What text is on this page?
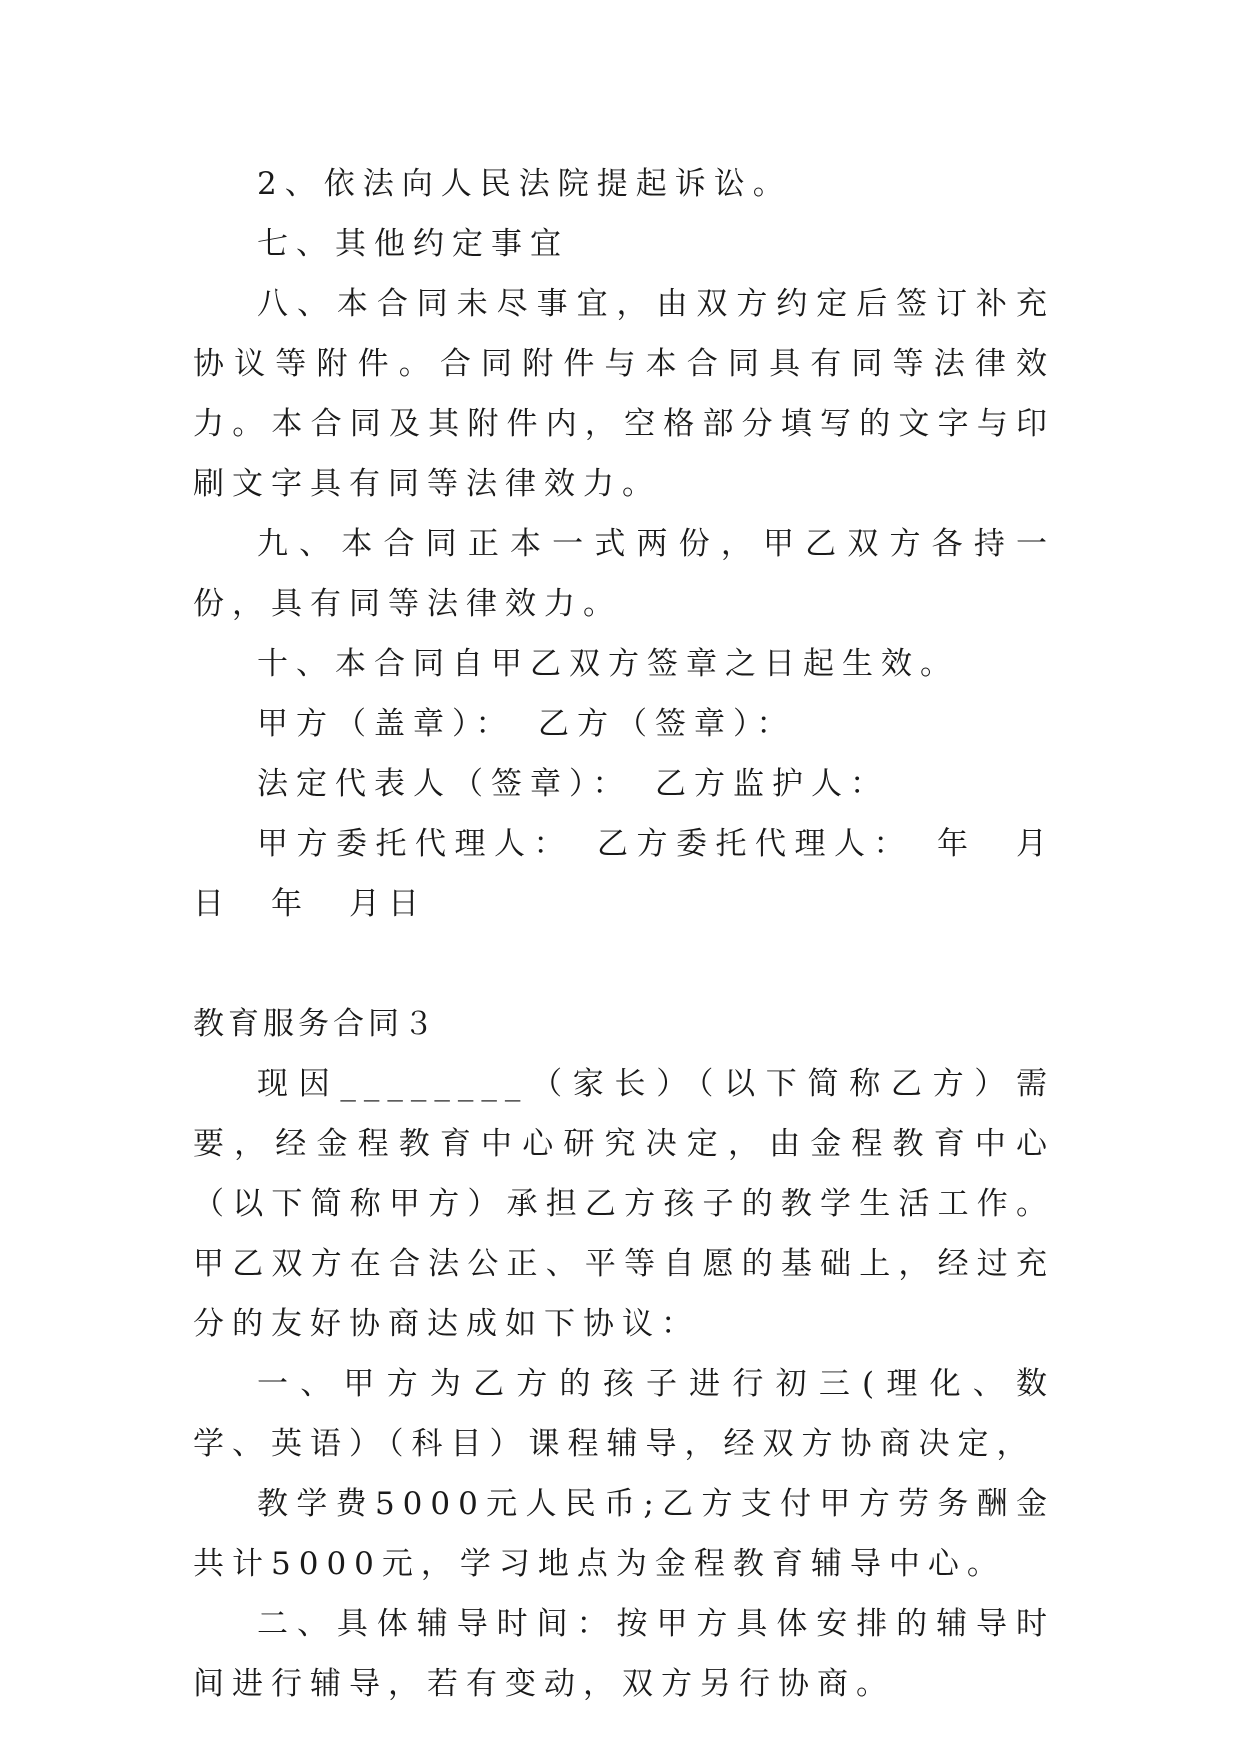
2、依法向人民法院提起诉讼。

七、其他约定事宜

八、本合同未尽事宜，由双方约定后签订补充协议等附件。合同附件与本合同具有同等法律效力。本合同及其附件内，空格部分填写的文字与印刷文字具有同等法律效力。

九、本合同正本一式两份，甲乙双方各持一份，具有同等法律效力。

十、本合同自甲乙双方签章之日起生效。

甲方（盖章）：　乙方（签章）：

法定代表人（签章）：　乙方监护人：

甲方委托代理人：　乙方委托代理人：　年　月　日　年　月日

教育服务合同３

现因________（家长）（以下简称乙方）需要，经金程教育中心研究决定，由金程教育中心（以下简称甲方）承担乙方孩子的教学生活工作。甲乙双方在合法公正、平等自愿的基础上，经过充分的友好协商达成如下协议：

一、甲方为乙方的孩子进行初三(理化、数学、英语）（科目）课程辅导，经双方协商决定，

教学费5000元人民币;乙方支付甲方劳务酬金共计5000元，学习地点为金程教育辅导中心。

二、具体辅导时间：按甲方具体安排的辅导时间进行辅导，若有变动，双方另行协商。
